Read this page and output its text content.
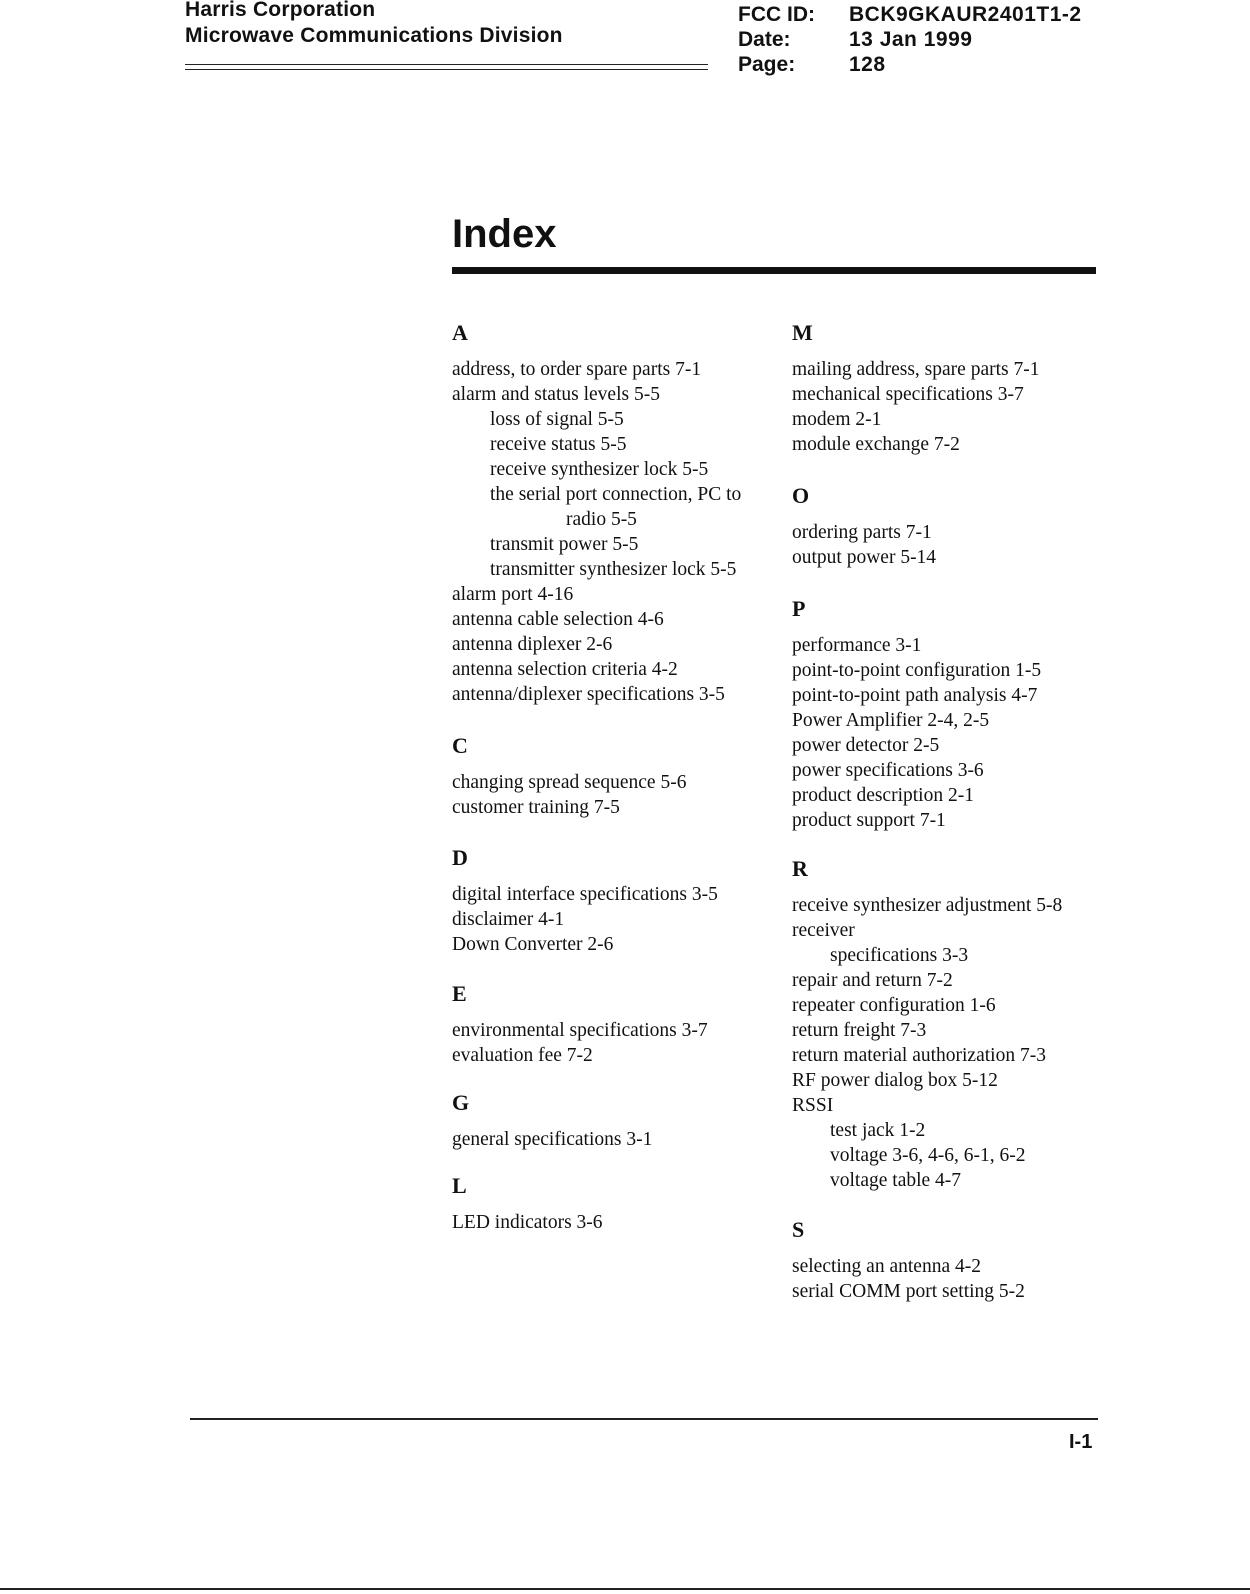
Harris Corporation
Microwave Communications Division
FCC ID:	BCK9GKAUR2401T1-2
Date:	13 Jan 1999
Page:	128
Index
A
address, to order spare parts 7-1
alarm and status levels 5-5
loss of signal 5-5
receive status 5-5
receive synthesizer lock 5-5
the serial port connection, PC to
radio 5-5
transmit power 5-5
transmitter synthesizer lock 5-5
alarm port 4-16
antenna cable selection 4-6
antenna diplexer 2-6
antenna selection criteria 4-2
antenna/diplexer specifications 3-5
C
changing spread sequence 5-6
customer training 7-5
D
digital interface specifications 3-5
disclaimer 4-1
Down Converter 2-6
E
environmental specifications 3-7
evaluation fee 7-2
G
general specifications 3-1
L
LED indicators 3-6
M
mailing address, spare parts 7-1
mechanical specifications 3-7
modem 2-1
module exchange 7-2
O
ordering parts 7-1
output power 5-14
P
performance 3-1
point-to-point configuration 1-5
point-to-point path analysis 4-7
Power Amplifier 2-4, 2-5
power detector 2-5
power specifications 3-6
product description 2-1
product support 7-1
R
receive synthesizer adjustment 5-8
receiver
specifications 3-3
repair and return 7-2
repeater configuration 1-6
return freight 7-3
return material authorization 7-3
RF power dialog box 5-12
RSSI
test jack 1-2
voltage 3-6, 4-6, 6-1, 6-2
voltage table 4-7
S
selecting an antenna 4-2
serial COMM port setting 5-2
I-1
